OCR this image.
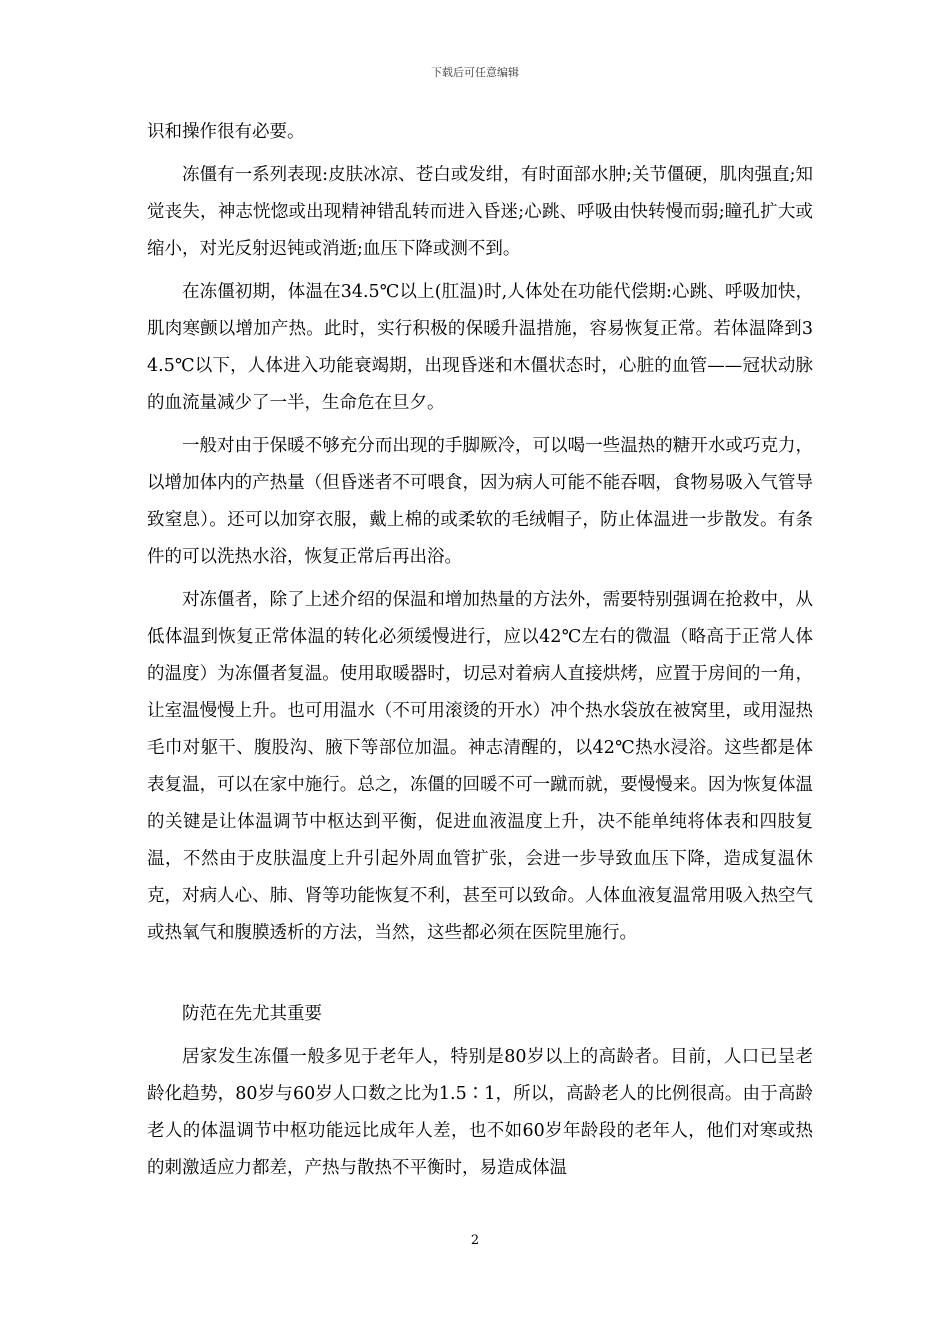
下载后可任意编辑

识和操作很有必要。

冻僵有一系列表现:皮肤冰凉、苍白或发绀，有时面部水肿;关节僵硬，肌肉强直;知觉丧失，神志恍惚或出现精神错乱转而进入昏迷;心跳、呼吸由快转慢而弱;瞳孔扩大或缩小，对光反射迟钝或消逝;血压下降或测不到。

在冻僵初期，体温在34.5℃以上(肛温)时,人体处在功能代偿期:心跳、呼吸加快，肌肉寒颤以增加产热。此时，实行积极的保暖升温措施，容易恢复正常。若体温降到34.5℃以下，人体进入功能衰竭期，出现昏迷和木僵状态时，心脏的血管——冠状动脉的血流量减少了一半，生命危在旦夕。

一般对由于保暖不够充分而出现的手脚厥冷，可以喝一些温热的糖开水或巧克力，以增加体内的产热量（但昏迷者不可喂食，因为病人可能不能吞咽，食物易吸入气管导致窒息）。还可以加穿衣服，戴上棉的或柔软的毛绒帽子，防止体温进一步散发。有条件的可以洗热水浴，恢复正常后再出浴。

对冻僵者，除了上述介绍的保温和增加热量的方法外，需要特别强调在抢救中，从低体温到恢复正常体温的转化必须缓慢进行，应以42℃左右的微温（略高于正常人体的温度）为冻僵者复温。使用取暖器时，切忌对着病人直接烘烤，应置于房间的一角，让室温慢慢上升。也可用温水（不可用滚烫的开水）冲个热水袋放在被窝里，或用湿热毛巾对躯干、腹股沟、腋下等部位加温。神志清醒的，以42℃热水浸浴。这些都是体表复温，可以在家中施行。总之，冻僵的回暖不可一蹴而就，要慢慢来。因为恢复体温的关键是让体温调节中枢达到平衡，促进血液温度上升，决不能单纯将体表和四肢复温，不然由于皮肤温度上升引起外周血管扩张，会进一步导致血压下降，造成复温休克，对病人心、肺、肾等功能恢复不利，甚至可以致命。人体血液复温常用吸入热空气或热氧气和腹膜透析的方法，当然，这些都必须在医院里施行。

防范在先尤其重要

居家发生冻僵一般多见于老年人，特别是80岁以上的高龄者。目前，人口已呈老龄化趋势，80岁与60岁人口数之比为1.5∶1，所以，高龄老人的比例很高。由于高龄老人的体温调节中枢功能远比成年人差，也不如60岁年龄段的老年人，他们对寒或热的刺激适应力都差，产热与散热不平衡时，易造成体温

2
